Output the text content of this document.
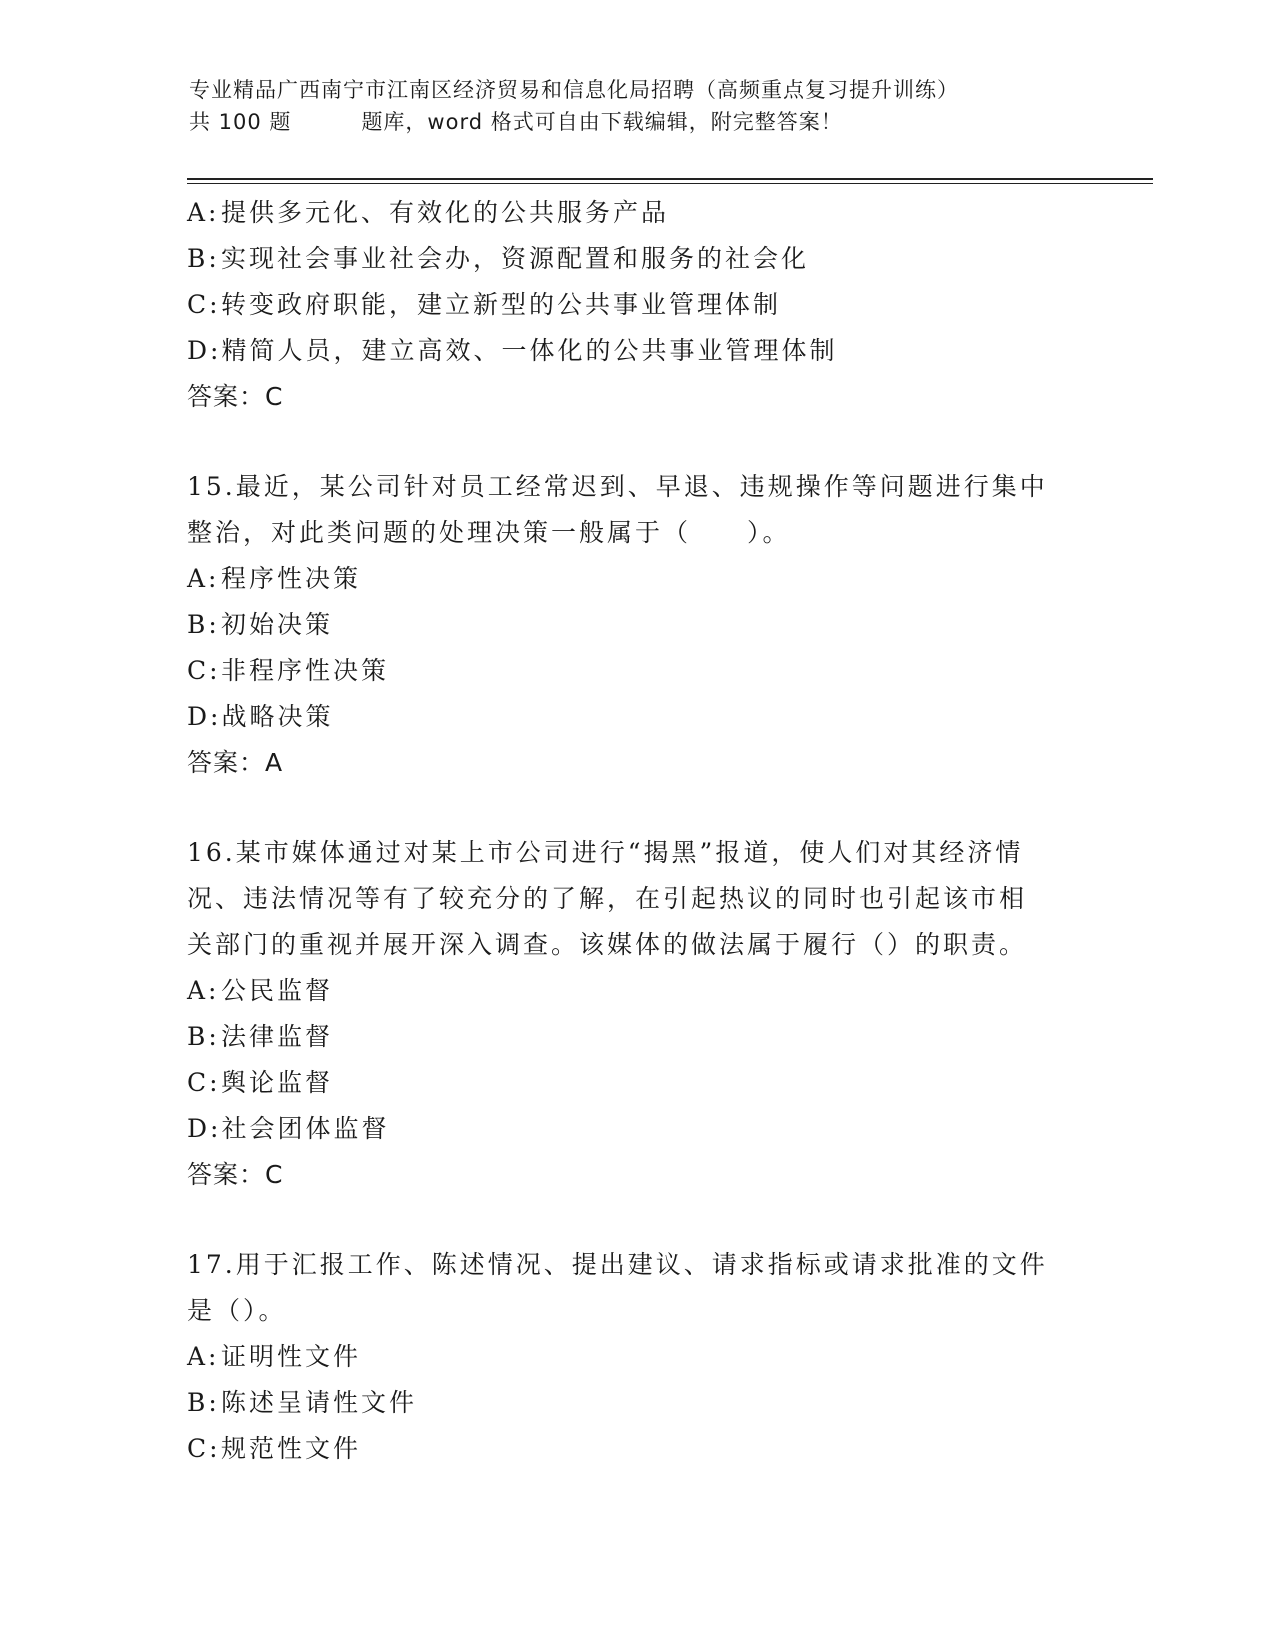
专业精品广西南宁市江南区经济贸易和信息化局招聘（高频重点复习提升训练）
共 100 题	题库，word 格式可自由下载编辑，附完整答案！
A:提供多元化、有效化的公共服务产品
B:实现社会事业社会办，资源配置和服务的社会化
C:转变政府职能，建立新型的公共事业管理体制
D:精简人员，建立高效、一体化的公共事业管理体制
答案：C
15.最近，某公司针对员工经常迟到、早退、违规操作等问题进行集中
整治，对此类问题的处理决策一般属于（　　）。
A:程序性决策
B:初始决策
C:非程序性决策
D:战略决策
答案：A
16.某市媒体通过对某上市公司进行“揭黑”报道，使人们对其经济情
况、违法情况等有了较充分的了解，在引起热议的同时也引起该市相
关部门的重视并展开深入调查。该媒体的做法属于履行（）的职责。
A:公民监督
B:法律监督
C:舆论监督
D:社会团体监督
答案：C
17.用于汇报工作、陈述情况、提出建议、请求指标或请求批准的文件
是（）。
A:证明性文件
B:陈述呈请性文件
C:规范性文件
